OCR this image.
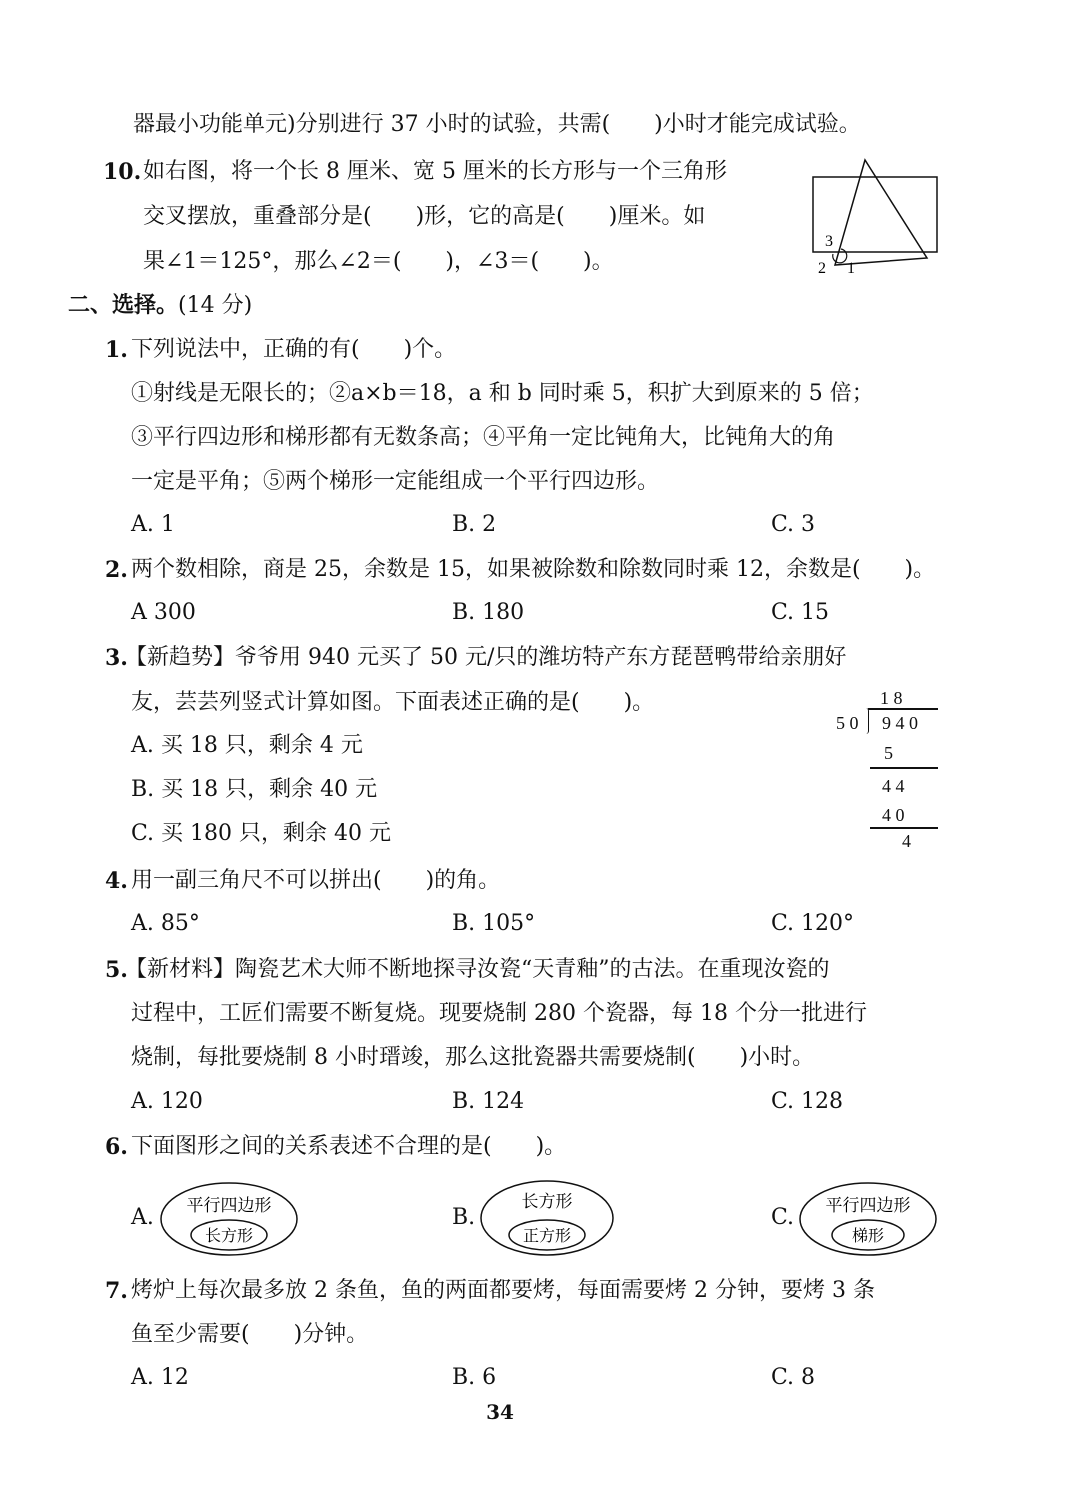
器最小功能单元)分别进行 37 小时的试验，共需(　　)小时才能完成试验。
10. 如右图，将一个长 8 厘米、宽 5 厘米的长方形与一个三角形
交叉摆放，重叠部分是(　　)形，它的高是(　　)厘米。如
果∠1＝125°，那么∠2＝(　　)，∠3＝(　　)。
3
2 1
二、选择。(14 分)
1. 下列说法中，正确的有(　　)个。
①射线是无限长的；②a×b＝18，a 和 b 同时乘 5，积扩大到原来的 5 倍；
③平行四边形和梯形都有无数条高；④平角一定比钝角大，比钝角大的角
一定是平角；⑤两个梯形一定能组成一个平行四边形。
A. 1	B. 2	C. 3
2. 两个数相除，商是 25，余数是 15，如果被除数和除数同时乘 12，余数是(　　)。
A 300	B. 180	C. 15
3.
【新趋势】 爷爷用 940 元买了 50 元/只的潍坊特产东方琵琶鸭带给亲朋好
友，芸芸列竖式计算如图。下面表述正确的是(　　)。
A. 买 18 只，剩余 4 元
B. 买 18 只，剩余 40 元
C. 买 180 只，剩余 40 元
1 8
5 0 9 4 0
5
4 4
4 0
4
4. 用一副三角尺不可以拼出(　　)的角。
A. 85°	B. 105°	C. 120°
5.
【新材料】 陶瓷艺术大师不断地探寻汝瓷“天青釉”的古法。在重现汝瓷的
过程中，工匠们需要不断复烧。现要烧制 280 个瓷器，每 18 个分一批进行
烧制，每批要烧制 8 小时瑨竣，那么这批瓷器共需要烧制(　　)小时。
A. 120	B. 124	C. 128
6. 下面图形之间的关系表述不合理的是(　　)。
A. 平行四边形
长方形
B.
长方形
正方形
C. 平行四边形
梯形
7. 烤炉上每次最多放 2 条鱼，鱼的两面都要烤，每面需要烤 2 分钟，要烤 3 条
鱼至少需要(　　)分钟。
A. 12	B. 6	C. 8
34
